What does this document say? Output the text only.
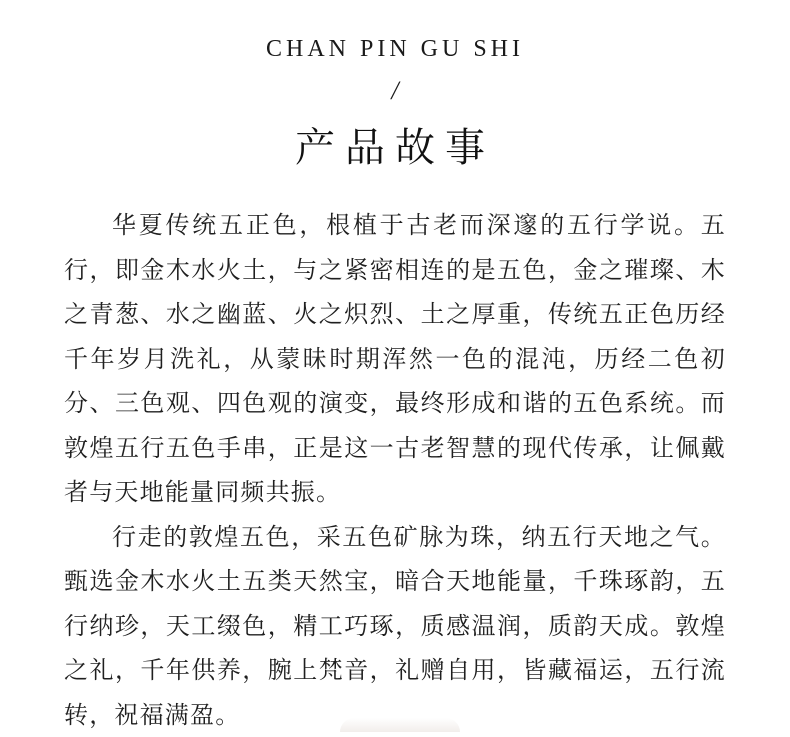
CHAN PIN GU SHI
/
产品故事

华夏传统五正色，根植于古老而深邃的五行学说。五行，即金木水火土，与之紧密相连的是五色，金之璀璨、木之青葱、水之幽蓝、火之炽烈、土之厚重，传统五正色历经千年岁月洗礼，从蒙昧时期浑然一色的混沌，历经二色初分、三色观、四色观的演变，最终形成和谐的五色系统。而敦煌五行五色手串，正是这一古老智慧的现代传承，让佩戴者与天地能量同频共振。

行走的敦煌五色，采五色矿脉为珠，纳五行天地之气。甄选金木水火土五类天然宝，暗合天地能量，千珠琢韵，五行纳珍，天工缀色，精工巧琢，质感温润，质韵天成。敦煌之礼，千年供养，腕上梵音，礼赠自用，皆藏福运，五行流转，祝福满盈。
